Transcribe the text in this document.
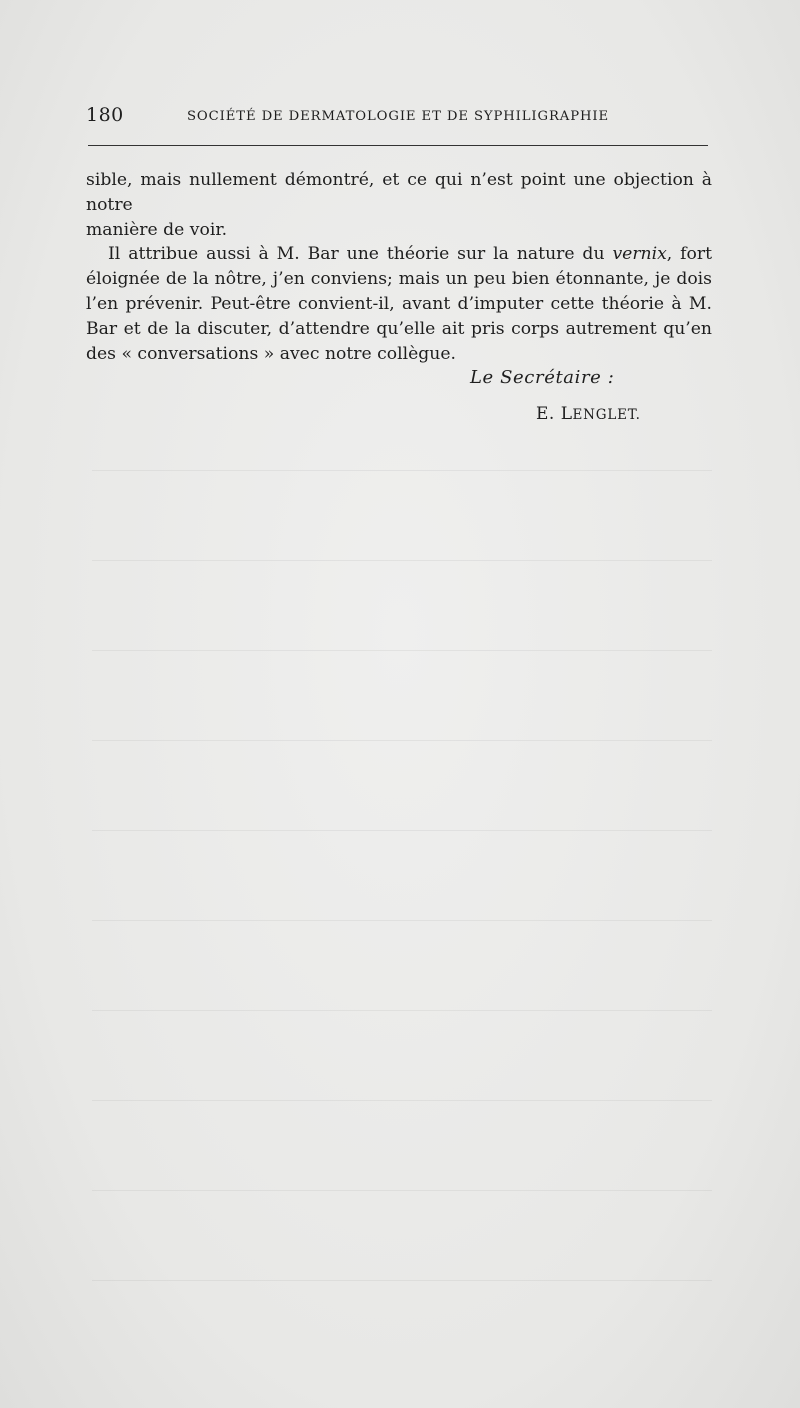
180	SOCIÉTÉ DE DERMATOLOGIE ET DE SYPHILIGRAPHIE

sible, mais nullement démontré, et ce qui n’est point une objection à notre

manière de voir.

Il attribue aussi à M. Bar une théorie sur la nature du vernix, fort éloignée de la nôtre, j’en conviens; mais un peu bien étonnante, je dois l’en prévenir. Peut-être convient-il, avant d’imputer cette théorie à M. Bar et de la discuter, d’attendre qu’elle ait pris corps autrement qu’en des « conversations » avec notre collègue.

Le Secrétaire :
E. LENGLET.
